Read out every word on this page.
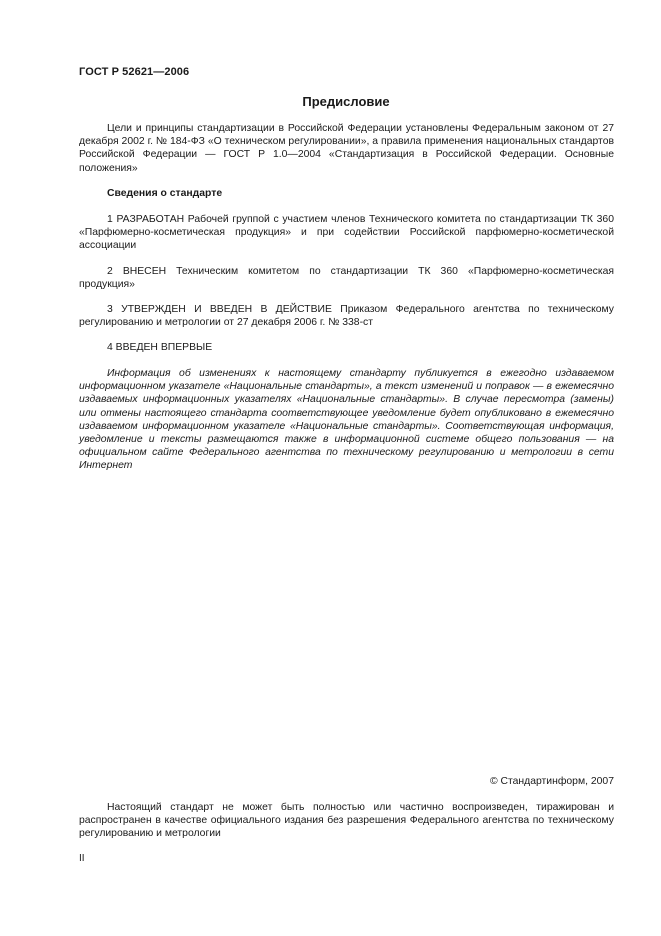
ГОСТ Р 52621—2006
Предисловие

Цели и принципы стандартизации в Российской Федерации установлены Федеральным законом от 27 декабря 2002 г. № 184-ФЗ «О техническом регулировании», а правила применения национальных стандартов Российской Федерации — ГОСТ Р 1.0—2004 «Стандартизация в Российской Федерации. Основные положения»

Сведения о стандарте

1 РАЗРАБОТАН Рабочей группой с участием членов Технического комитета по стандартизации ТК 360 «Парфюмерно-косметическая продукция» и при содействии Российской парфюмерно-косметической ассоциации

2 ВНЕСЕН Техническим комитетом по стандартизации ТК 360 «Парфюмерно-косметическая продукция»

3 УТВЕРЖДЕН И ВВЕДЕН В ДЕЙСТВИЕ Приказом Федерального агентства по техническому регулированию и метрологии от 27 декабря 2006 г. № 338-ст

4 ВВЕДЕН ВПЕРВЫЕ

Информация об изменениях к настоящему стандарту публикуется в ежегодно издаваемом информационном указателе «Национальные стандарты», а текст изменений и поправок — в ежемесячно издаваемых информационных указателях «Национальные стандарты». В случае пересмотра (замены) или отмены настоящего стандарта соответствующее уведомление будет опубликовано в ежемесячно издаваемом информационном указателе «Национальные стандарты». Соответствующая информация, уведомление и тексты размещаются также в информационной системе общего пользования — на официальном сайте Федерального агентства по техническому регулированию и метрологии в сети Интернет

© Стандартинформ, 2007

Настоящий стандарт не может быть полностью или частично воспроизведен, тиражирован и распространен в качестве официального издания без разрешения Федерального агентства по техническому регулированию и метрологии

II
